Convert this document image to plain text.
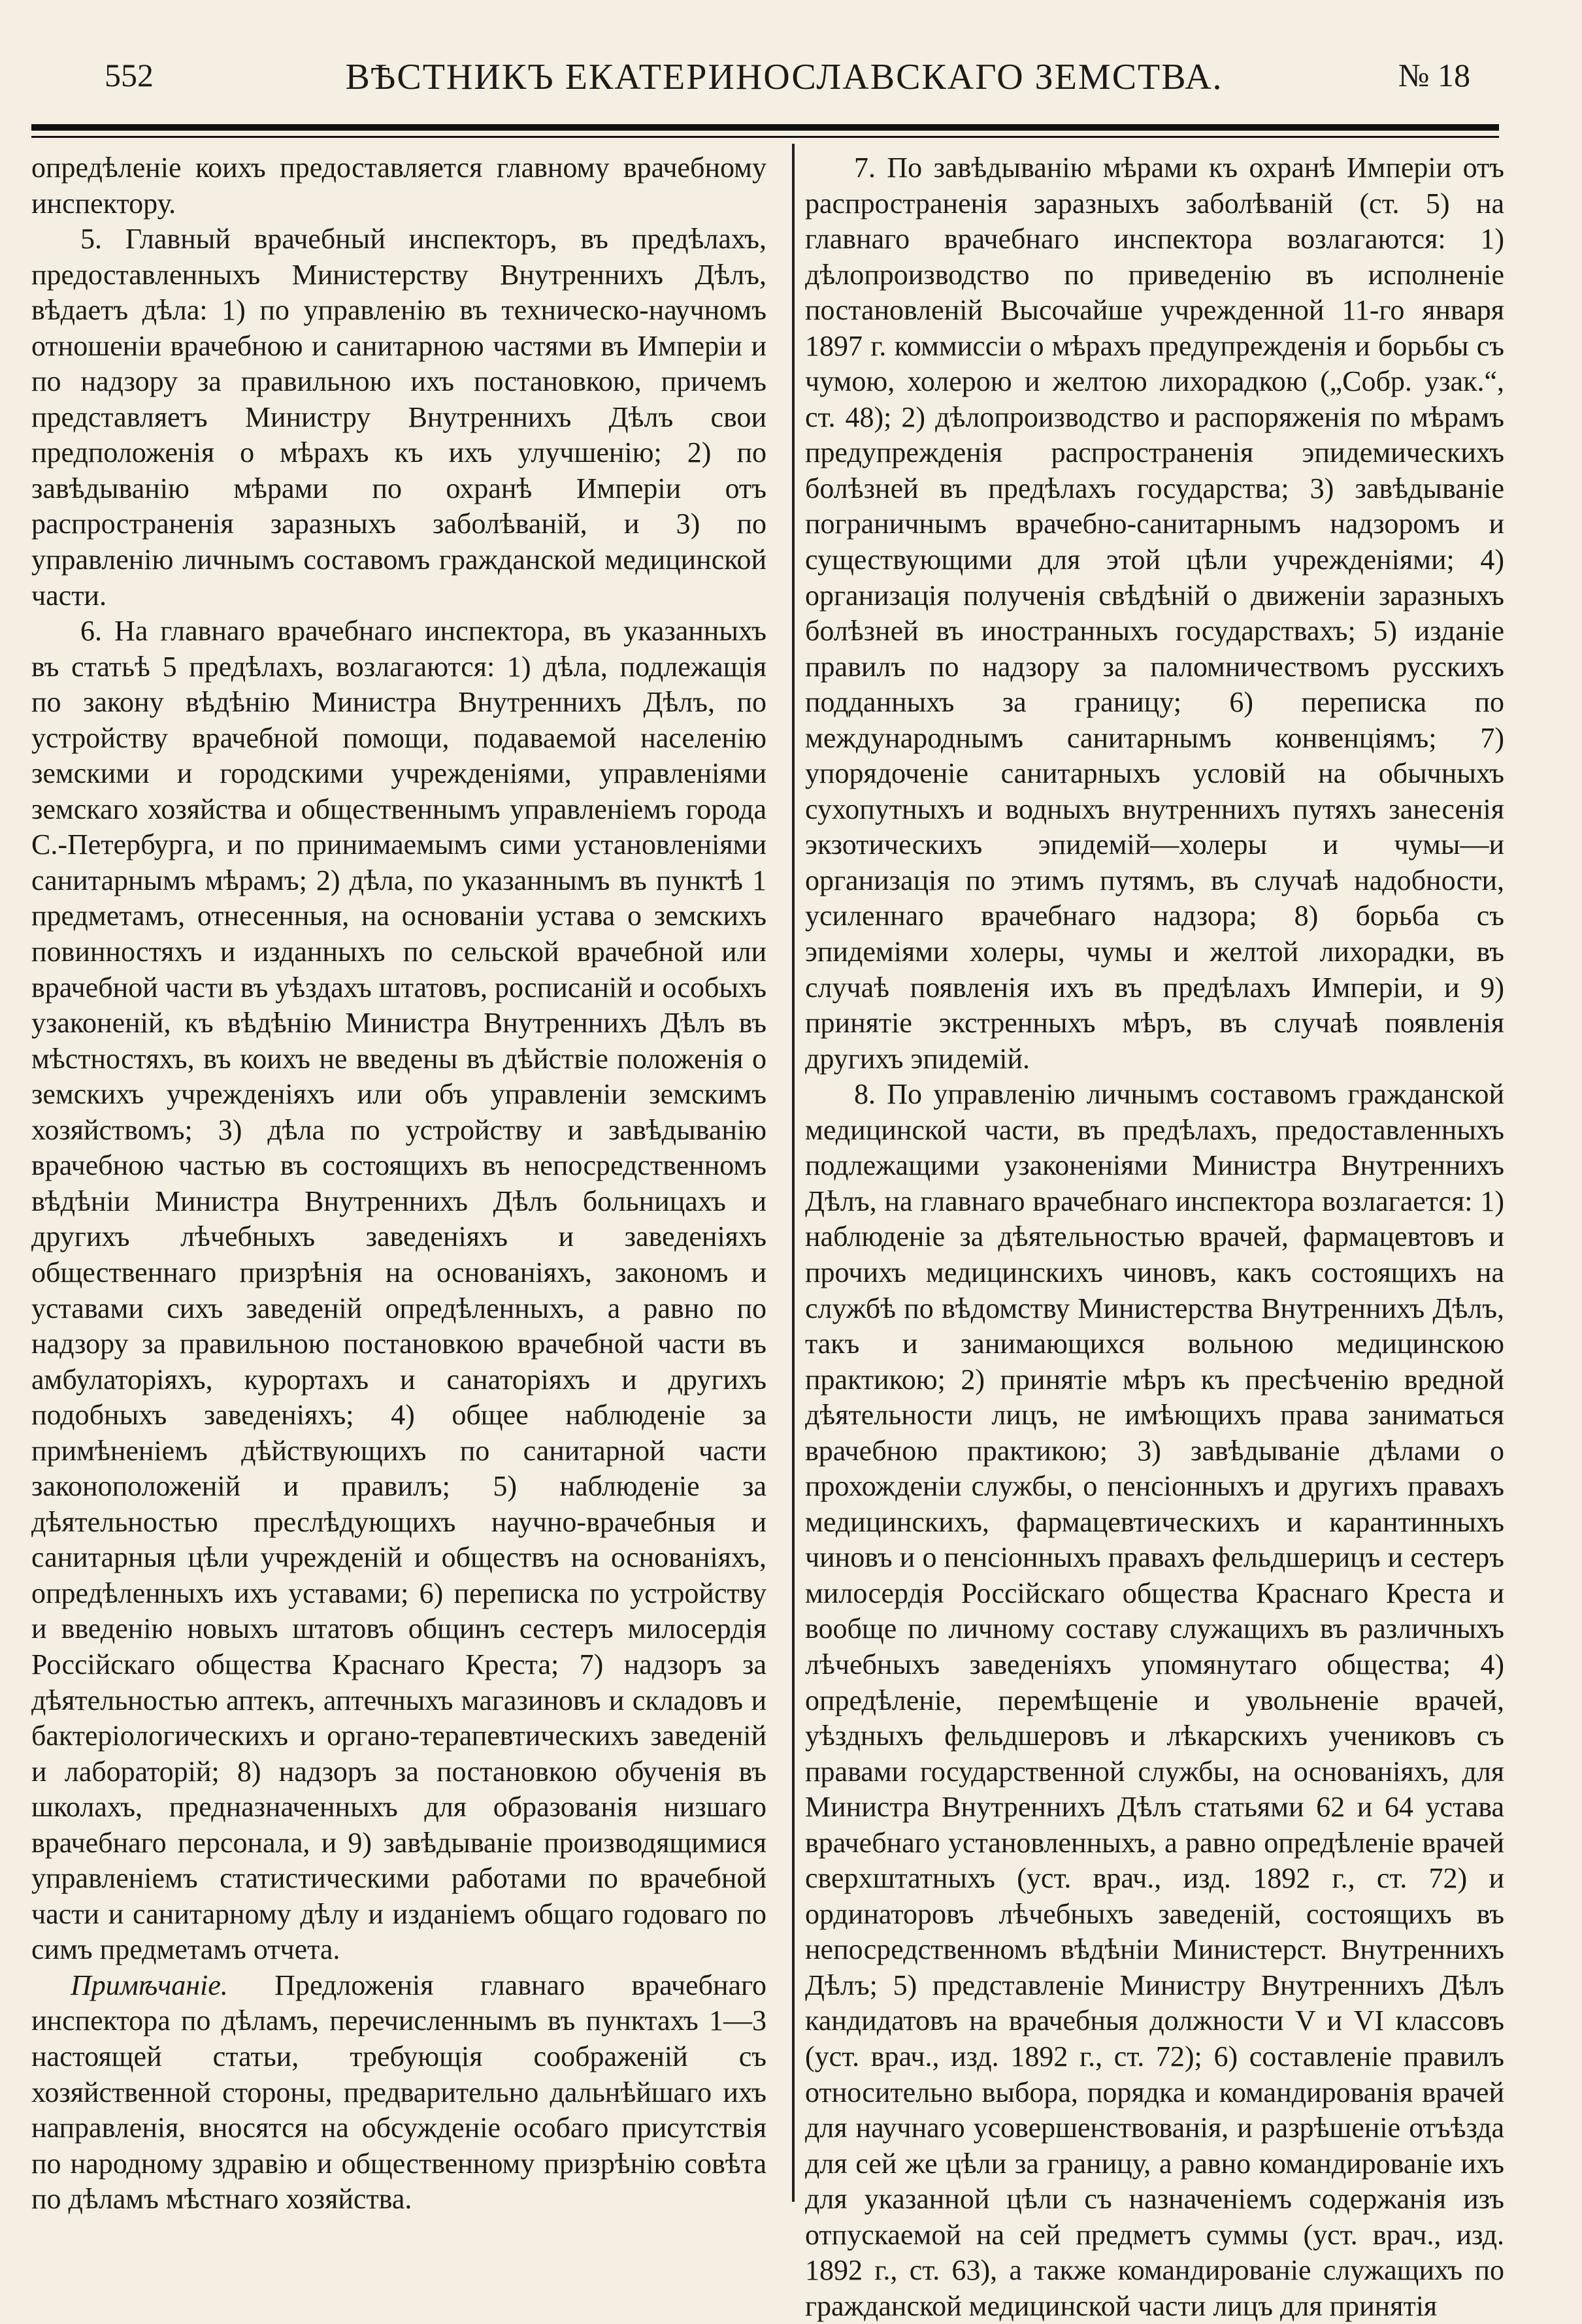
552	ВѢСТНИКЪ ЕКАТЕРИНОСЛАВСКАГО ЗЕМСТВА.	№ 18

опредѣленіе коихъ предоставляется главному врачебному инспектору.

5. Главный врачебный инспекторъ, въ предѣлахъ, предоставленныхъ Министерству Внутреннихъ Дѣлъ, вѣдаетъ дѣла: 1) по управленію въ техническо-научномъ отношеніи врачебною и санитарною частями въ Имперіи и по надзору за правильною ихъ постановкою, причемъ представляетъ Министру Внутреннихъ Дѣлъ свои предположенія о мѣрахъ къ ихъ улучшенію; 2) по завѣдыванію мѣрами по охранѣ Имперіи отъ распространенія заразныхъ заболѣваній, и 3) по управленію личнымъ составомъ гражданской медицинской части.

6. На главнаго врачебнаго инспектора, въ указанныхъ въ статьѣ 5 предѣлахъ, возлагаются: 1) дѣла, подлежащія по закону вѣдѣнію Министра Внутреннихъ Дѣлъ, по устройству врачебной помощи, подаваемой населенію земскими и городскими учрежденіями, управленіями земскаго хозяйства и общественнымъ управленіемъ города С.-Петербурга, и по принимаемымъ сими установленіями санитарнымъ мѣрамъ; 2) дѣла, по указаннымъ въ пунктѣ 1 предметамъ, отнесенныя, на основаніи устава о земскихъ повинностяхъ и изданныхъ по сельской врачебной или врачебной части въ уѣздахъ штатовъ, росписаній и особыхъ узаконеній, къ вѣдѣнію Министра Внутреннихъ Дѣлъ въ мѣстностяхъ, въ коихъ не введены въ дѣйствіе положенія о земскихъ учрежденіяхъ или объ управленіи земскимъ хозяйствомъ; 3) дѣла по устройству и завѣдыванію врачебною частью въ состоящихъ въ непосредственномъ вѣдѣніи Министра Внутреннихъ Дѣлъ больницахъ и другихъ лѣчебныхъ заведеніяхъ и заведеніяхъ общественнаго призрѣнія на основаніяхъ, закономъ и уставами сихъ заведеній опредѣленныхъ, а равно по надзору за правильною постановкою врачебной части въ амбулаторіяхъ, курортахъ и санаторіяхъ и другихъ подобныхъ заведеніяхъ; 4) общее наблюденіе за примѣненіемъ дѣйствующихъ по санитарной части законоположеній и правилъ; 5) наблюденіе за дѣятельностью преслѣдующихъ научно-врачебныя и санитарныя цѣли учрежденій и обществъ на основаніяхъ, опредѣленныхъ ихъ уставами; 6) переписка по устройству и введенію новыхъ штатовъ общинъ сестеръ милосердія Россійскаго общества Краснаго Креста; 7) надзоръ за дѣятельностью аптекъ, аптечныхъ магазиновъ и складовъ и бактеріологическихъ и органо-терапевтическихъ заведеній и лабораторій; 8) надзоръ за постановкою обученія въ школахъ, предназначенныхъ для образованія низшаго врачебнаго персонала, и 9) завѣдываніе производящимися управленіемъ статистическими работами по врачебной части и санитарному дѣлу и изданіемъ общаго годоваго по симъ предметамъ отчета.

Примѣчаніе. Предложенія главнаго врачебнаго инспектора по дѣламъ, перечисленнымъ въ пунктахъ 1—3 настоящей статьи, требующія соображеній съ хозяйственной стороны, предварительно дальнѣйшаго ихъ направленія, вносятся на обсужденіе особаго присутствія по народному здравію и общественному призрѣнію совѣта по дѣламъ мѣстнаго хозяйства.

7. По завѣдыванію мѣрами къ охранѣ Имперіи отъ распространенія заразныхъ заболѣваній (ст. 5) на главнаго врачебнаго инспектора возлагаются: 1) дѣлопроизводство по приведенію въ исполненіе постановленій Высочайше учрежденной 11-го января 1897 г. коммиссіи о мѣрахъ предупрежденія и борьбы съ чумою, холерою и желтою лихорадкою („Собр. узак.“, ст. 48); 2) дѣлопроизводство и распоряженія по мѣрамъ предупрежденія распространенія эпидемическихъ болѣзней въ предѣлахъ государства; 3) завѣдываніе пограничнымъ врачебно-санитарнымъ надзоромъ и существующими для этой цѣли учрежденіями; 4) организація полученія свѣдѣній о движеніи заразныхъ болѣзней въ иностранныхъ государствахъ; 5) изданіе правилъ по надзору за паломничествомъ русскихъ подданныхъ за границу; 6) переписка по международнымъ санитарнымъ конвенціямъ; 7) упорядоченіе санитарныхъ условій на обычныхъ сухопутныхъ и водныхъ внутреннихъ путяхъ занесенія экзотическихъ эпидемій—холеры и чумы—и организація по этимъ путямъ, въ случаѣ надобности, усиленнаго врачебнаго надзора; 8) борьба съ эпидеміями холеры, чумы и желтой лихорадки, въ случаѣ появленія ихъ въ предѣлахъ Имперіи, и 9) принятіе экстренныхъ мѣръ, въ случаѣ появленія другихъ эпидемій.

8. По управленію личнымъ составомъ гражданской медицинской части, въ предѣлахъ, предоставленныхъ подлежащими узаконеніями Министра Внутреннихъ Дѣлъ, на главнаго врачебнаго инспектора возлагается: 1) наблюденіе за дѣятельностью врачей, фармацевтовъ и прочихъ медицинскихъ чиновъ, какъ состоящихъ на службѣ по вѣдомству Министерства Внутреннихъ Дѣлъ, такъ и занимающихся вольною медицинскою практикою; 2) принятіе мѣръ къ пресѣченію вредной дѣятельности лицъ, не имѣющихъ права заниматься врачебною практикою; 3) завѣдываніе дѣлами о прохожденіи службы, о пенсіонныхъ и другихъ правахъ медицинскихъ, фармацевтическихъ и карантинныхъ чиновъ и о пенсіонныхъ правахъ фельдшерицъ и сестеръ милосердія Россійскаго общества Краснаго Креста и вообще по личному составу служащихъ въ различныхъ лѣчебныхъ заведеніяхъ упомянутаго общества; 4) опредѣленіе, перемѣщеніе и увольненіе врачей, уѣздныхъ фельдшеровъ и лѣкарскихъ учениковъ съ правами государственной службы, на основаніяхъ, для Министра Внутреннихъ Дѣлъ статьями 62 и 64 устава врачебнаго установленныхъ, а равно опредѣленіе врачей сверхштатныхъ (уст. врач., изд. 1892 г., ст. 72) и ординаторовъ лѣчебныхъ заведеній, состоящихъ въ непосредственномъ вѣдѣніи Министерст. Внутреннихъ Дѣлъ; 5) представленіе Министру Внутреннихъ Дѣлъ кандидатовъ на врачебныя должности V и VI классовъ (уст. врач., изд. 1892 г., ст. 72); 6) составленіе правилъ относительно выбора, порядка и командированія врачей для научнаго усовершенствованія, и разрѣшеніе отъѣзда для сей же цѣли за границу, а равно командированіе ихъ для указанной цѣли съ назначеніемъ содержанія изъ отпускаемой на сей предметъ суммы (уст. врач., изд. 1892 г., ст. 63), а также командированіе служащихъ по гражданской медицинской части лицъ для принятія
